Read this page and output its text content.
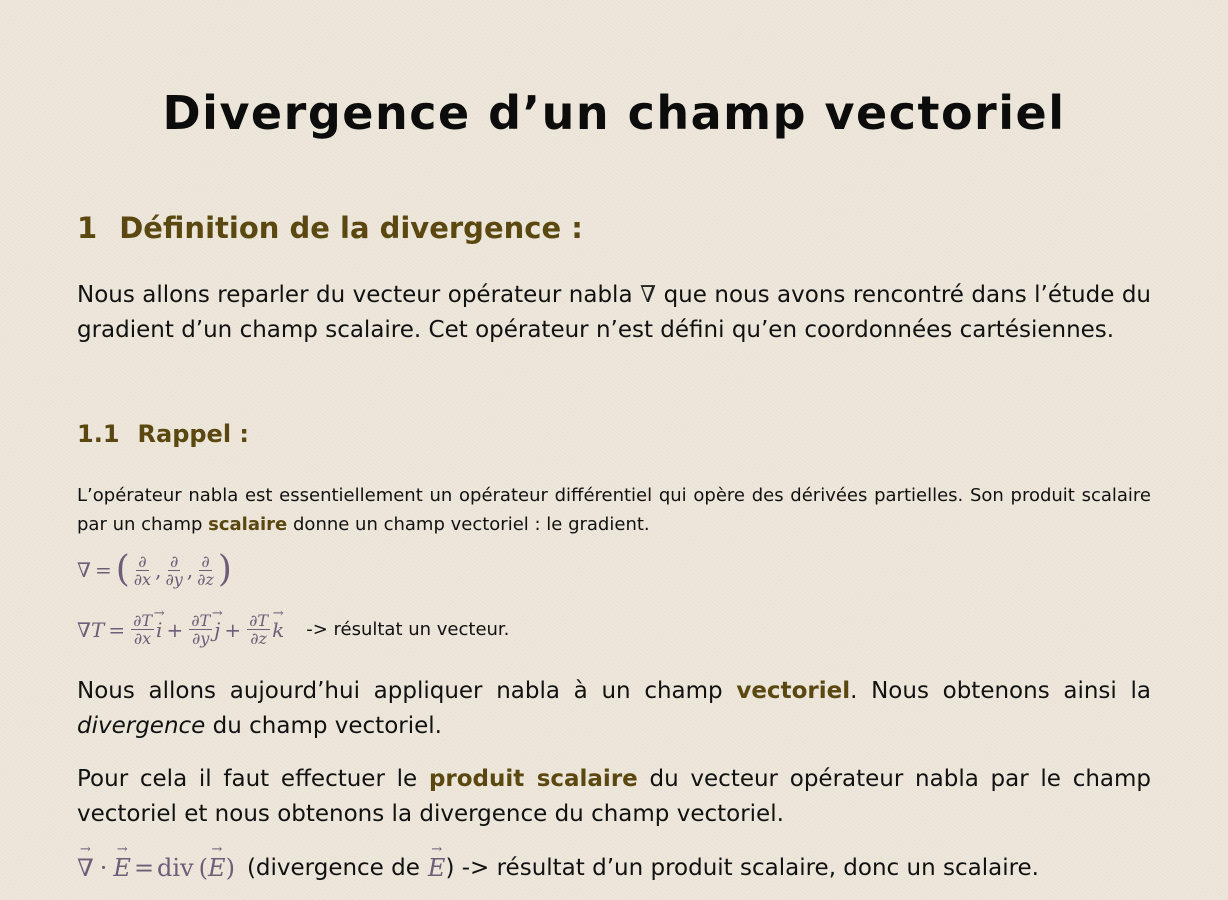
Divergence d’un champ vectoriel
1 Définition de la divergence :

Nous allons reparler du vecteur opérateur nabla ∇ que nous avons rencontré dans l’étude du gradient d’un champ scalaire. Cet opérateur n’est défini qu’en coordonnées cartésiennes.

1.1 Rappel :

L’opérateur nabla est essentiellement un opérateur différentiel qui opère des dérivées partielles. Son produit scalaire par un champ scalaire donne un champ vectoriel : le gradient.

∇ = ( $\frac{\partial}{\partial x}$ , $\frac{\partial}{\partial y}$ , $\frac{\partial}{\partial z}$ )
$\nabla T = \frac{\partial T}{\partial x}$
→ $i + \frac{\partial T}{\partial y}$
→ $j + \frac{\partial T}{\partial z}$
→ k -> résultat un vecteur.

Nous allons aujourd’hui appliquer nabla à un champ vectoriel. Nous obtenons ainsi la divergence du champ vectoriel.

Pour cela il faut effectuer le produit scalaire du vecteur opérateur nabla par le champ vectoriel et nous obtenons la divergence du champ vectoriel.

→ ∇ ·
→ E = div (
→ E ) (divergence de
→ E ) -> résultat d’un produit scalaire, donc un scalaire.
